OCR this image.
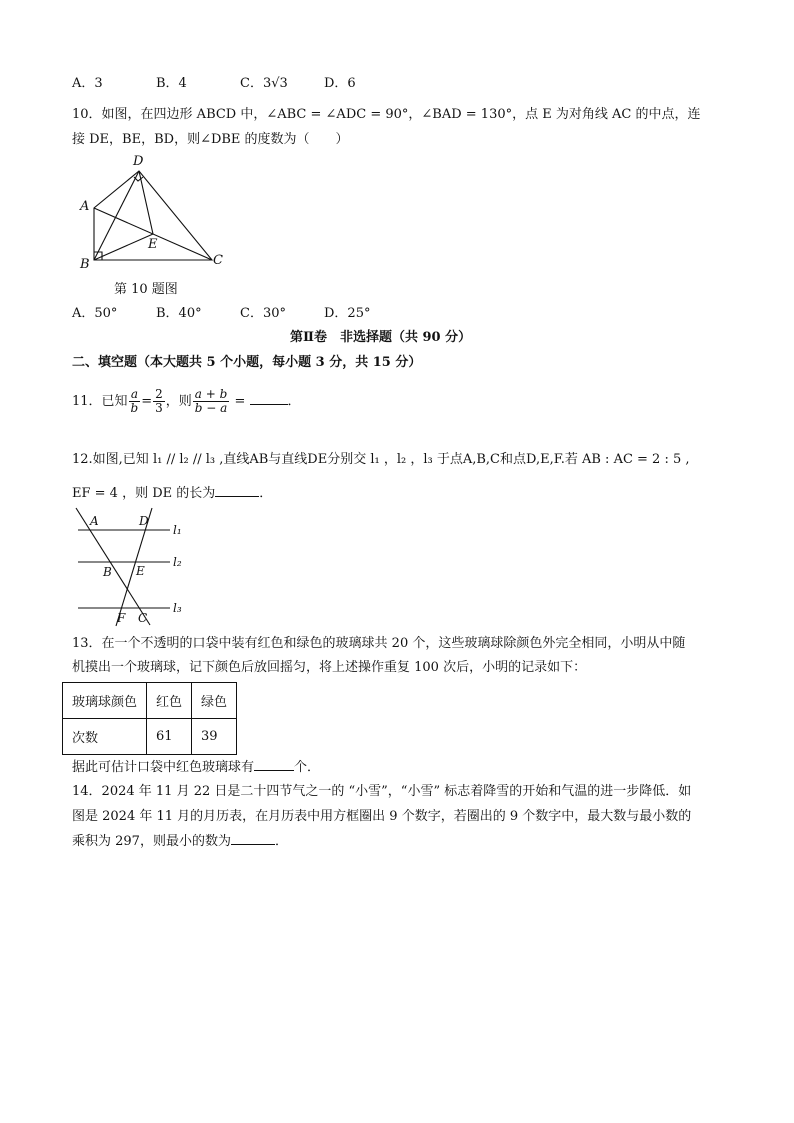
A．3	B．4	C．3√3	D．6
10．如图，在四边形 ABCD 中，∠ABC = ∠ADC = 90°，∠BAD = 130°，点 E 为对角线 AC 的中点，连
接 DE，BE，BD，则∠DBE 的度数为（　　）
D
A
E
B	C
第 10 题图
A．50°	B．40°	C．30°	D．25°
第Ⅱ卷　非选择题（共 90 分）
二、填空题（本大题共 5 个小题，每小题 3 分，共 15 分）
11．已知 $\frac{a}{b} = \frac{2}{3}$ ，则 $\frac{a + b}{b - a}$ =	．
12.如图,已知 l₁ // l₂ // l₃ ,直线AB与直线DE分别交 l₁ ，l₂ ，l₃ 于点A,B,C和点D,E,F.若 AB : AC = 2 : 5 ,
EF = 4 ，则 DE 的长为	．
A	D
l₁
l₂
B E
l₃
F C
13．在一个不透明的口袋中装有红色和绿色的玻璃球共 20 个，这些玻璃球除颜色外完全相同，小明从中随
机摸出一个玻璃球，记下颜色后放回摇匀，将上述操作重复 100 次后，小明的记录如下：
玻璃球颜色	红色	绿色
次数	61	39
据此可估计口袋中红色玻璃球有	个．
14．2024 年 11 月 22 日是二十四节气之一的 “小雪”，“小雪” 标志着降雪的开始和气温的进一步降低．如
图是 2024 年 11 月的月历表，在月历表中用方框圈出 9 个数字，若圈出的 9 个数字中，最大数与最小数的
乘积为 297，则最小的数为	．
